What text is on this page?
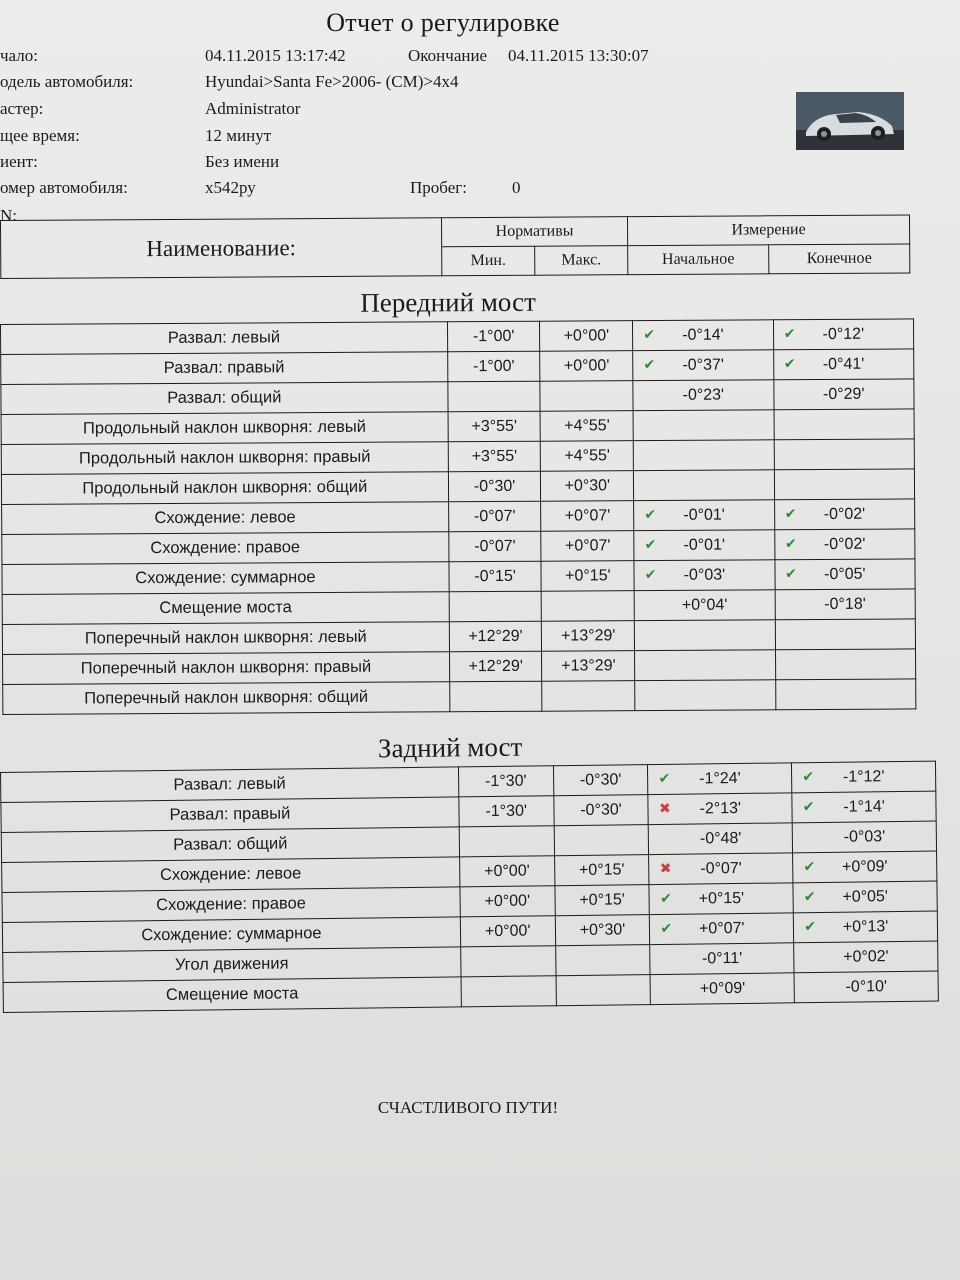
Отчет о регулировке
чало:	04.11.2015 13:17:42	Окончание 04.11.2015 13:30:07
одель автомобиля:	Hyundai>Santa Fe>2006- (CM)>4x4
астер:	Administrator
щее время:	12 минут
иент:	Без имени
омер автомобиля:	х542ру	Пробег:	0
N:
Наименование:	Нормативы		Измерение	
	Мин.	Макс.	Начальное	Конечное
Передний мост
Развал: левый	-1°00'	+0°00'	✔ -0°14'	✔ -0°12'
Развал: правый	-1°00'	+0°00'	✔ -0°37'	✔ -0°41'
Развал: общий			-0°23'	-0°29'
Продольный наклон шкворня: левый	+3°55'	+4°55'		
Продольный наклон шкворня: правый	+3°55'	+4°55'		
Продольный наклон шкворня: общий	-0°30'	+0°30'		
Схождение: левое	-0°07'	+0°07'	✔ -0°01'	✔ -0°02'
Схождение: правое	-0°07'	+0°07'	✔ -0°01'	✔ -0°02'
Схождение: суммарное	-0°15'	+0°15'	✔ -0°03'	✔ -0°05'
Смещение моста			+0°04'	-0°18'
Поперечный наклон шкворня: левый	+12°29'	+13°29'		
Поперечный наклон шкворня: правый	+12°29'	+13°29'		
Поперечный наклон шкворня: общий				
Задний мост
Развал: левый	-1°30'	-0°30'	✔ -1°24'	✔ -1°12'
Развал: правый	-1°30'	-0°30'	✖ -2°13'	✔ -1°14'
Развал: общий			-0°48'	-0°03'
Схождение: левое	+0°00'	+0°15'	✖ -0°07'	✔ +0°09'
Схождение: правое	+0°00'	+0°15'	✔ +0°15'	✔ +0°05'
Схождение: суммарное	+0°00'	+0°30'	✔ +0°07'	✔ +0°13'
Угол движения			-0°11'	+0°02'
Смещение моста			+0°09'	-0°10'
СЧАСТЛИВОГО ПУТИ!
